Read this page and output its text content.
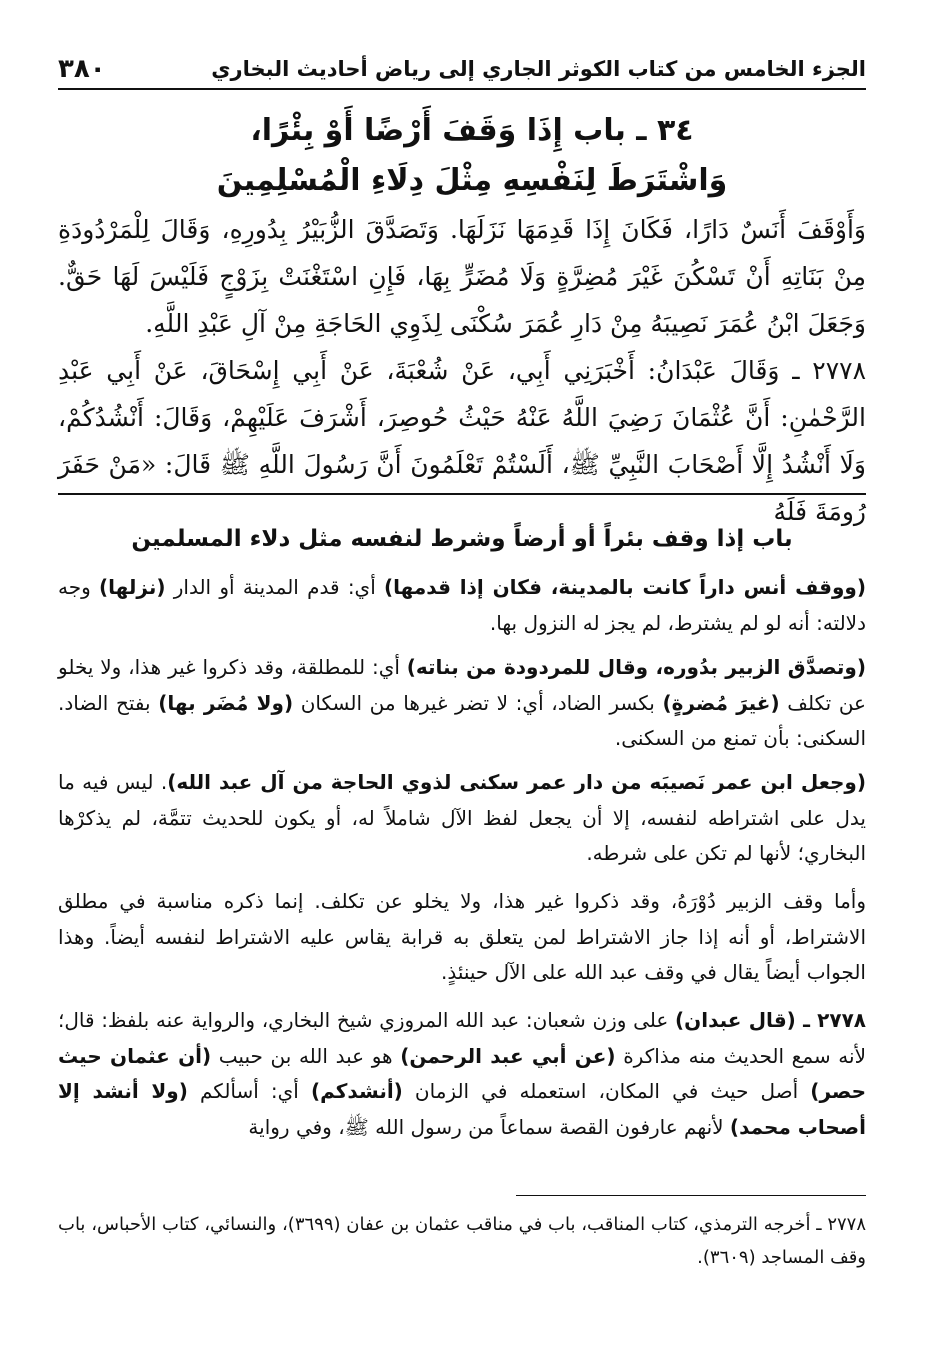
الجزء الخامس من كتاب الكوثر الجاري إلى رياض أحاديث البخاري
٣٨٠
٣٤ ـ باب إِذَا وَقَفَ أَرْضًا أَوْ بِئْرًا،
وَاشْتَرَطَ لِنَفْسِهِ مِثْلَ دِلَاءِ الْمُسْلِمِينَ
وَأَوْقَفَ أَنَسٌ دَارًا، فَكَانَ إِذَا قَدِمَهَا نَزَلَهَا. وَتَصَدَّقَ الزُّبَيْرُ بِدُورِهِ، وَقَالَ لِلْمَرْدُودَةِ مِنْ بَنَاتِهِ أَنْ تَسْكُنَ غَيْرَ مُضِرَّةٍ وَلَا مُضَرٍّ بِهَا، فَإِنِ اسْتَغْنَتْ بِزَوْجٍ فَلَيْسَ لَهَا حَقٌّ. وَجَعَلَ ابْنُ عُمَرَ نَصِيبَهُ مِنْ دَارِ عُمَرَ سُكْنَى لِذَوِي الحَاجَةِ مِنْ آلِ عَبْدِ اللَّهِ.
٢٧٧٨ ـ وَقَالَ عَبْدَانُ: أَخْبَرَنِي أَبِي، عَنْ شُعْبَةَ، عَنْ أَبِي إِسْحَاقَ، عَنْ أَبِي عَبْدِ الرَّحْمٰنِ: أَنَّ عُثْمَانَ رَضِيَ اللَّهُ عَنْهُ حَيْثُ حُوصِرَ، أَشْرَفَ عَلَيْهِمْ، وَقَالَ: أَنْشُدُكُمْ، وَلَا أَنْشُدُ إِلَّا أَصْحَابَ النَّبِيِّ ﷺ، أَلَسْتُمْ تَعْلَمُونَ أَنَّ رَسُولَ اللَّهِ ﷺ قَالَ: «مَنْ حَفَرَ رُومَةَ فَلَهُ
باب إذا وقف بئراً أو أرضاً وشرط لنفسه مثل دلاء المسلمين
(ووقف أنس داراً كانت بالمدينة، فكان إذا قدمها) أي: قدم المدينة أو الدار (نزلها) وجه دلالته: أنه لو لم يشترط، لم يجز له النزول بها.
(وتصدَّق الزبير بدُوره، وقال للمردودة من بناته) أي: للمطلقة، وقد ذكروا غير هذا، ولا يخلو عن تكلف (غيرَ مُضرةٍ) بكسر الضاد، أي: لا تضر غيرها من السكان (ولا مُضَر بها) بفتح الضاد. السكنى: بأن تمنع من السكنى.
(وجعل ابن عمر نَصيبَه من دار عمر سكنى لذوي الحاجة من آل عبد الله). ليس فيه ما يدل على اشتراطه لنفسه، إلا أن يجعل لفظ الآل شاملاً له، أو يكون للحديث تتمَّة، لم يذكرْها البخاري؛ لأنها لم تكن على شرطه.
وأما وقف الزبير دُوْرَهُ، وقد ذكروا غير هذا، ولا يخلو عن تكلف. إنما ذكره مناسبة في مطلق الاشتراط، أو أنه إذا جاز الاشتراط لمن يتعلق به قرابة يقاس عليه الاشتراط لنفسه أيضاً. وهذا الجواب أيضاً يقال في وقف عبد الله على الآل حينئذٍ.
٢٧٧٨ ـ (قال عبدان) على وزن شعبان: عبد الله المروزي شيخ البخاري، والرواية عنه بلفظ: قال؛ لأنه سمع الحديث منه مذاكرة (عن أبي عبد الرحمن) هو عبد الله بن حبيب (أن عثمان حيث حصر) أصل حيث في المكان، استعمله في الزمان (أنشدكم) أي: أسألكم (ولا أنشد إلا أصحاب محمد) لأنهم عارفون القصة سماعاً من رسول الله ﷺ، وفي رواية
٢٧٧٨ ـ أخرجه الترمذي، كتاب المناقب، باب في مناقب عثمان بن عفان (٣٦٩٩)، والنسائي، كتاب الأحباس، باب وقف المساجد (٣٦٠٩).
